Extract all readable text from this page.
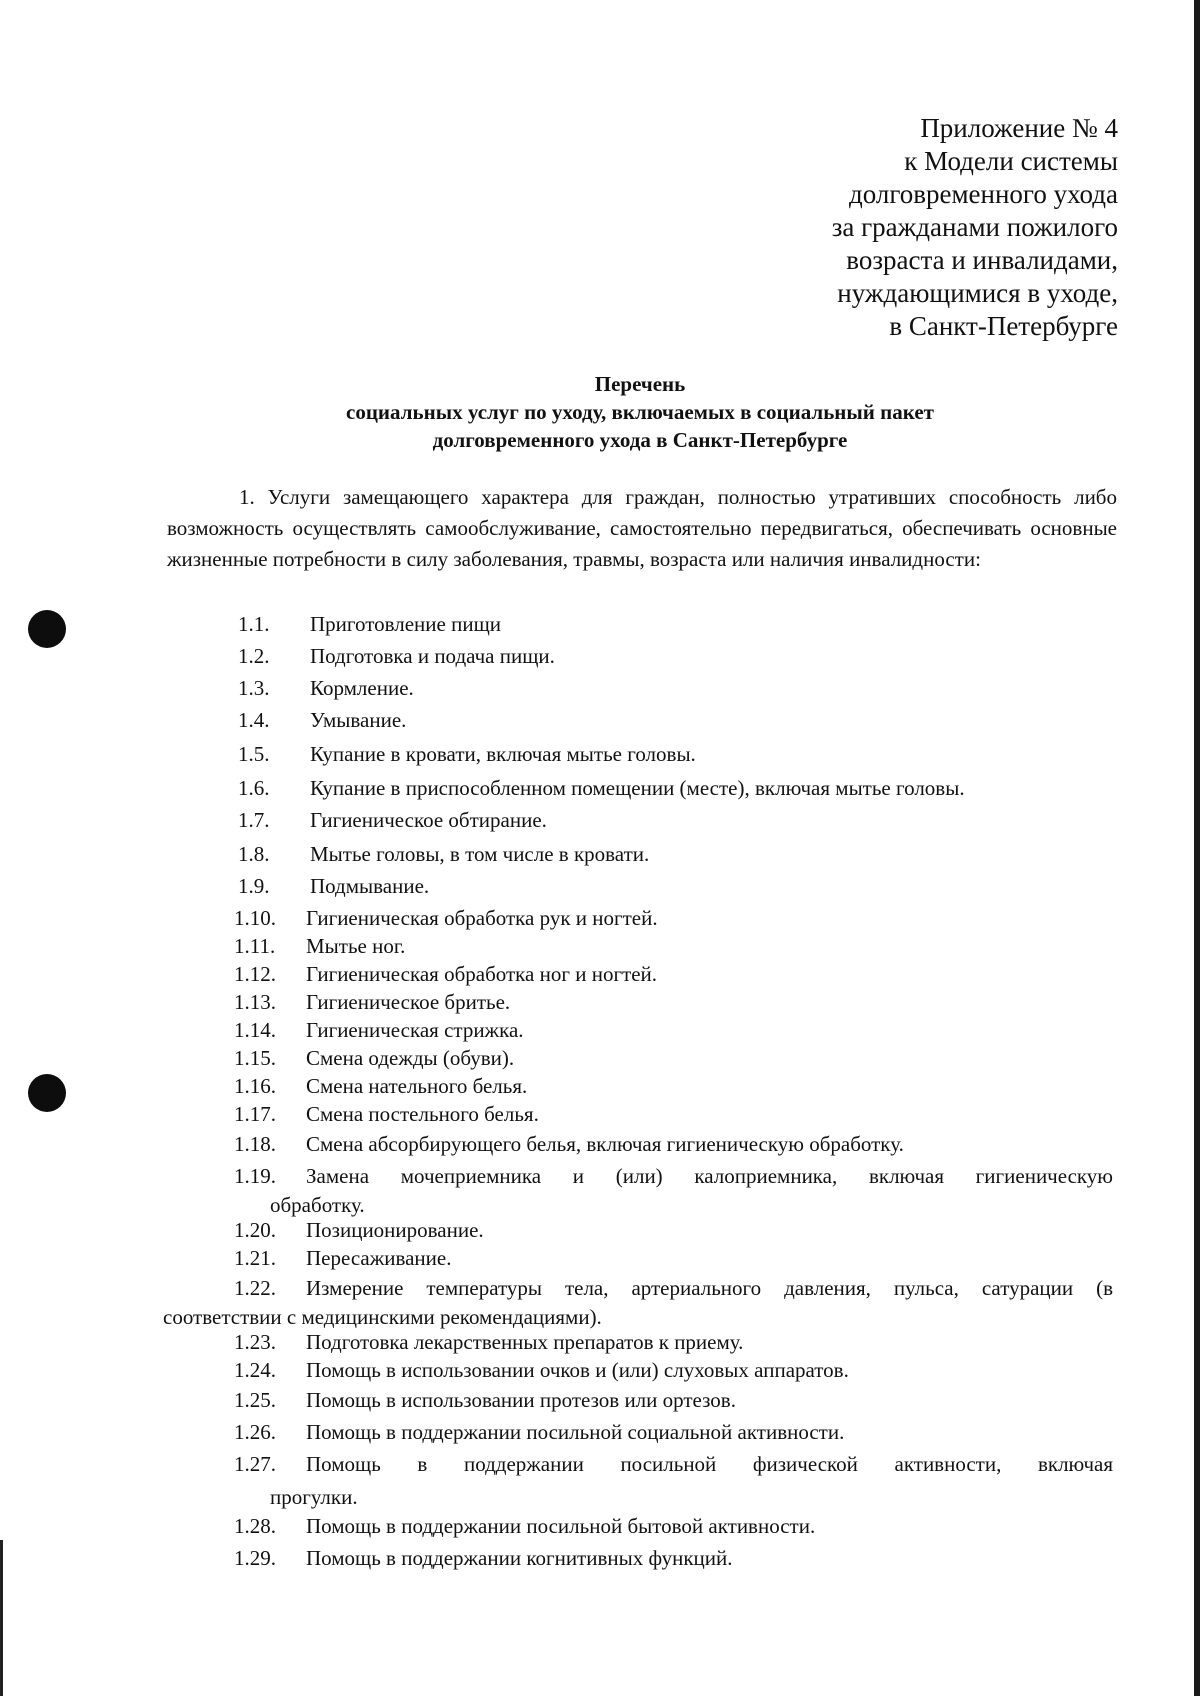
Приложение № 4
к Модели системы
долговременного ухода
за гражданами пожилого
возраста и инвалидами,
нуждающимися в уходе,
в Санкт-Петербурге
Перечень
социальных услуг по уходу, включаемых в социальный пакет
долговременного ухода в Санкт-Петербурге

1. Услуги замещающего характера для граждан, полностью утративших способность либо возможность осуществлять самообслуживание, самостоятельно передвигаться, обеспечивать основные жизненные потребности в силу заболевания, травмы, возраста или наличия инвалидности:

1.1. Приготовление пищи
1.2. Подготовка и подача пищи.
1.3. Кормление.
1.4. Умывание.
1.5. Купание в кровати, включая мытье головы.
1.6. Купание в приспособленном помещении (месте), включая мытье головы.
1.7. Гигиеническое обтирание.
1.8. Мытье головы, в том числе в кровати.
1.9. Подмывание.
1.10. Гигиеническая обработка рук и ногтей.
1.11. Мытье ног.
1.12. Гигиеническая обработка ног и ногтей.
1.13. Гигиеническое бритье.
1.14. Гигиеническая стрижка.
1.15. Смена одежды (обуви).
1.16. Смена нательного белья.
1.17. Смена постельного белья.
1.18. Смена абсорбирующего белья, включая гигиеническую обработку.
1.19. Замена мочеприемника и (или) калоприемника, включая гигиеническую
обработку.
1.20. Позиционирование.
1.21. Пересаживание.
1.22. Измерение температуры тела, артериального давления, пульса, сатурации (в
соответствии с медицинскими рекомендациями).
1.23. Подготовка лекарственных препаратов к приему.
1.24. Помощь в использовании очков и (или) слуховых аппаратов.
1.25. Помощь в использовании протезов или ортезов.
1.26. Помощь в поддержании посильной социальной активности.
1.27. Помощь в поддержании посильной физической активности, включая
прогулки.
1.28. Помощь в поддержании посильной бытовой активности.
1.29. Помощь в поддержании когнитивных функций.
